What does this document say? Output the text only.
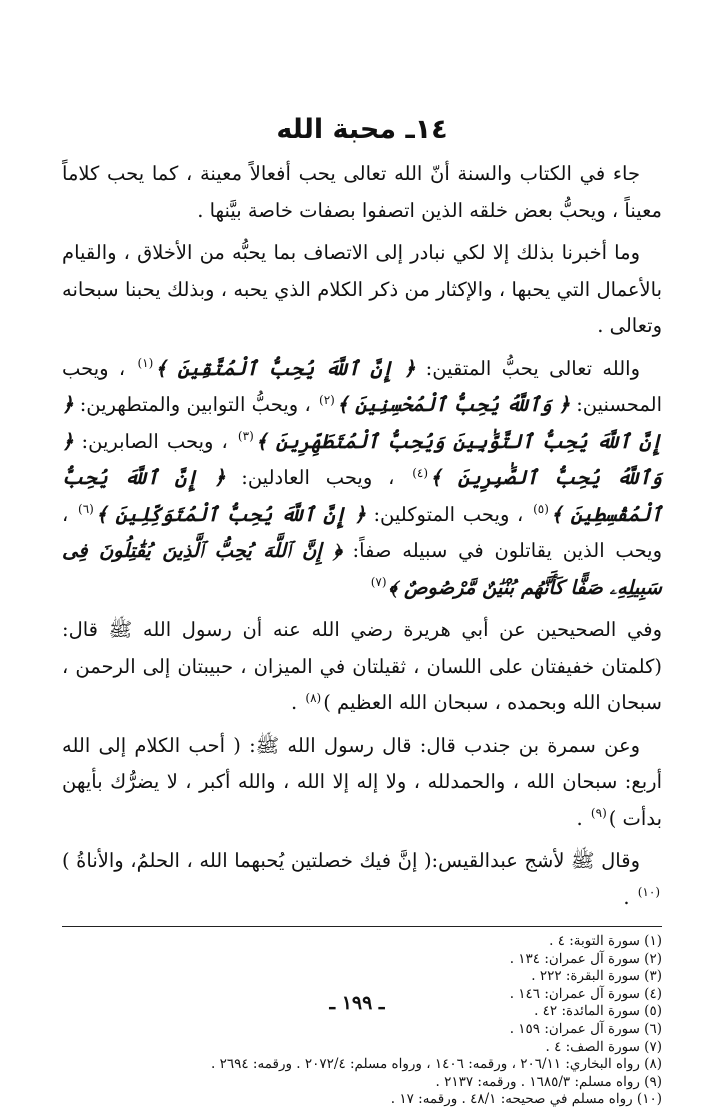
١٤ـ محبة الله

جاء في الكتاب والسنة أنّ الله تعالى يحب أفعالاً معينة ، كما يحب كلاماً معيناً ، ويحبُّ بعض خلقه الذين اتصفوا بصفات خاصة بيَّنها .

وما أخبرنا بذلك إلا لكي نبادر إلى الاتصاف بما يحبُّه من الأخلاق ، والقيام بالأعمال التي يحبها ، والإكثار من ذكر الكلام الذي يحبه ، وبذلك يحبنا سبحانه وتعالى .

والله تعالى يحبُّ المتقين: ﴿ إِنَّ ٱللَّهَ يُحِبُّ ٱلْمُتَّقِينَ ﴾$^{(١)}$ ، ويحب المحسنين: ﴿ وَٱللَّهُ يُحِبُّ ٱلْمُحْسِنِينَ ﴾$^{(٢)}$ ، ويحبُّ التوابين والمتطهرين: ﴿ إِنَّ ٱللَّهَ يُحِبُّ ٱلتَّوَّٰبِينَ وَيُحِبُّ ٱلْمُتَطَهِّرِينَ ﴾$^{(٣)}$ ، ويحب الصابرين: ﴿ وَٱللَّهُ يُحِبُّ ٱلصَّٰبِرِينَ ﴾$^{(٤)}$ ، ويحب العادلين: ﴿ إِنَّ ٱللَّهَ يُحِبُّ ٱلْمُقْسِطِينَ ﴾$^{(٥)}$ ، ويحب المتوكلين: ﴿ إِنَّ ٱللَّهَ يُحِبُّ ٱلْمُتَوَكِّلِينَ ﴾$^{(٦)}$ ، ويحب الذين يقاتلون في سبيله صفاً: ﴿ إِنَّ ٱللَّهَ يُحِبُّ ٱلَّذِينَ يُقَٰتِلُونَ فِى سَبِيلِهِۦ صَفًّا كَأَنَّهُم بُنْيَٰنٌ مَّرْصُوصٌ ﴾$^{(٧)}$

وفي الصحيحين عن أبي هريرة رضي الله عنه أن رسول الله ﷺ قال: (كلمتان خفيفتان على اللسان ، ثقيلتان في الميزان ، حبيبتان إلى الرحمن ، سبحان الله وبحمده ، سبحان الله العظيم )$^{(٨)}$ .

وعن سمرة بن جندب قال: قال رسول الله ﷺ: ( أحب الكلام إلى الله أربع: سبحان الله ، والحمدلله ، ولا إله إلا الله ، والله أكبر ، لا يضرُّك بأيهن بدأت )$^{(٩)}$ .

وقال ﷺ لأشج عبدالقيس:( إنَّ فيك خصلتين يُحبهما الله ، الحلمُ، والأناةُ )$^{(١٠)}$ .

(١) سورة التوبة: ٤ .
(٢) سورة آل عمران: ١٣٤ .
(٣) سورة البقرة: ٢٢٢ .
(٤) سورة آل عمران: ١٤٦ .
(٥) سورة المائدة: ٤٢ .
(٦) سورة آل عمران: ١٥٩ .
(٧) سورة الصف: ٤ .
(٨) رواه البخاري: ٢٠٦/١١ ، ورقمه: ١٤٠٦ ، ورواه مسلم: ٢٠٧٢/٤ . ورقمه: ٢٦٩٤ .
(٩) رواه مسلم: ١٦٨٥/٣ . ورقمه: ٢١٣٧ .
(١٠) رواه مسلم في صحيحه: ٤٨/١ . ورقمه: ١٧ .
ـ ١٩٩ ـ
